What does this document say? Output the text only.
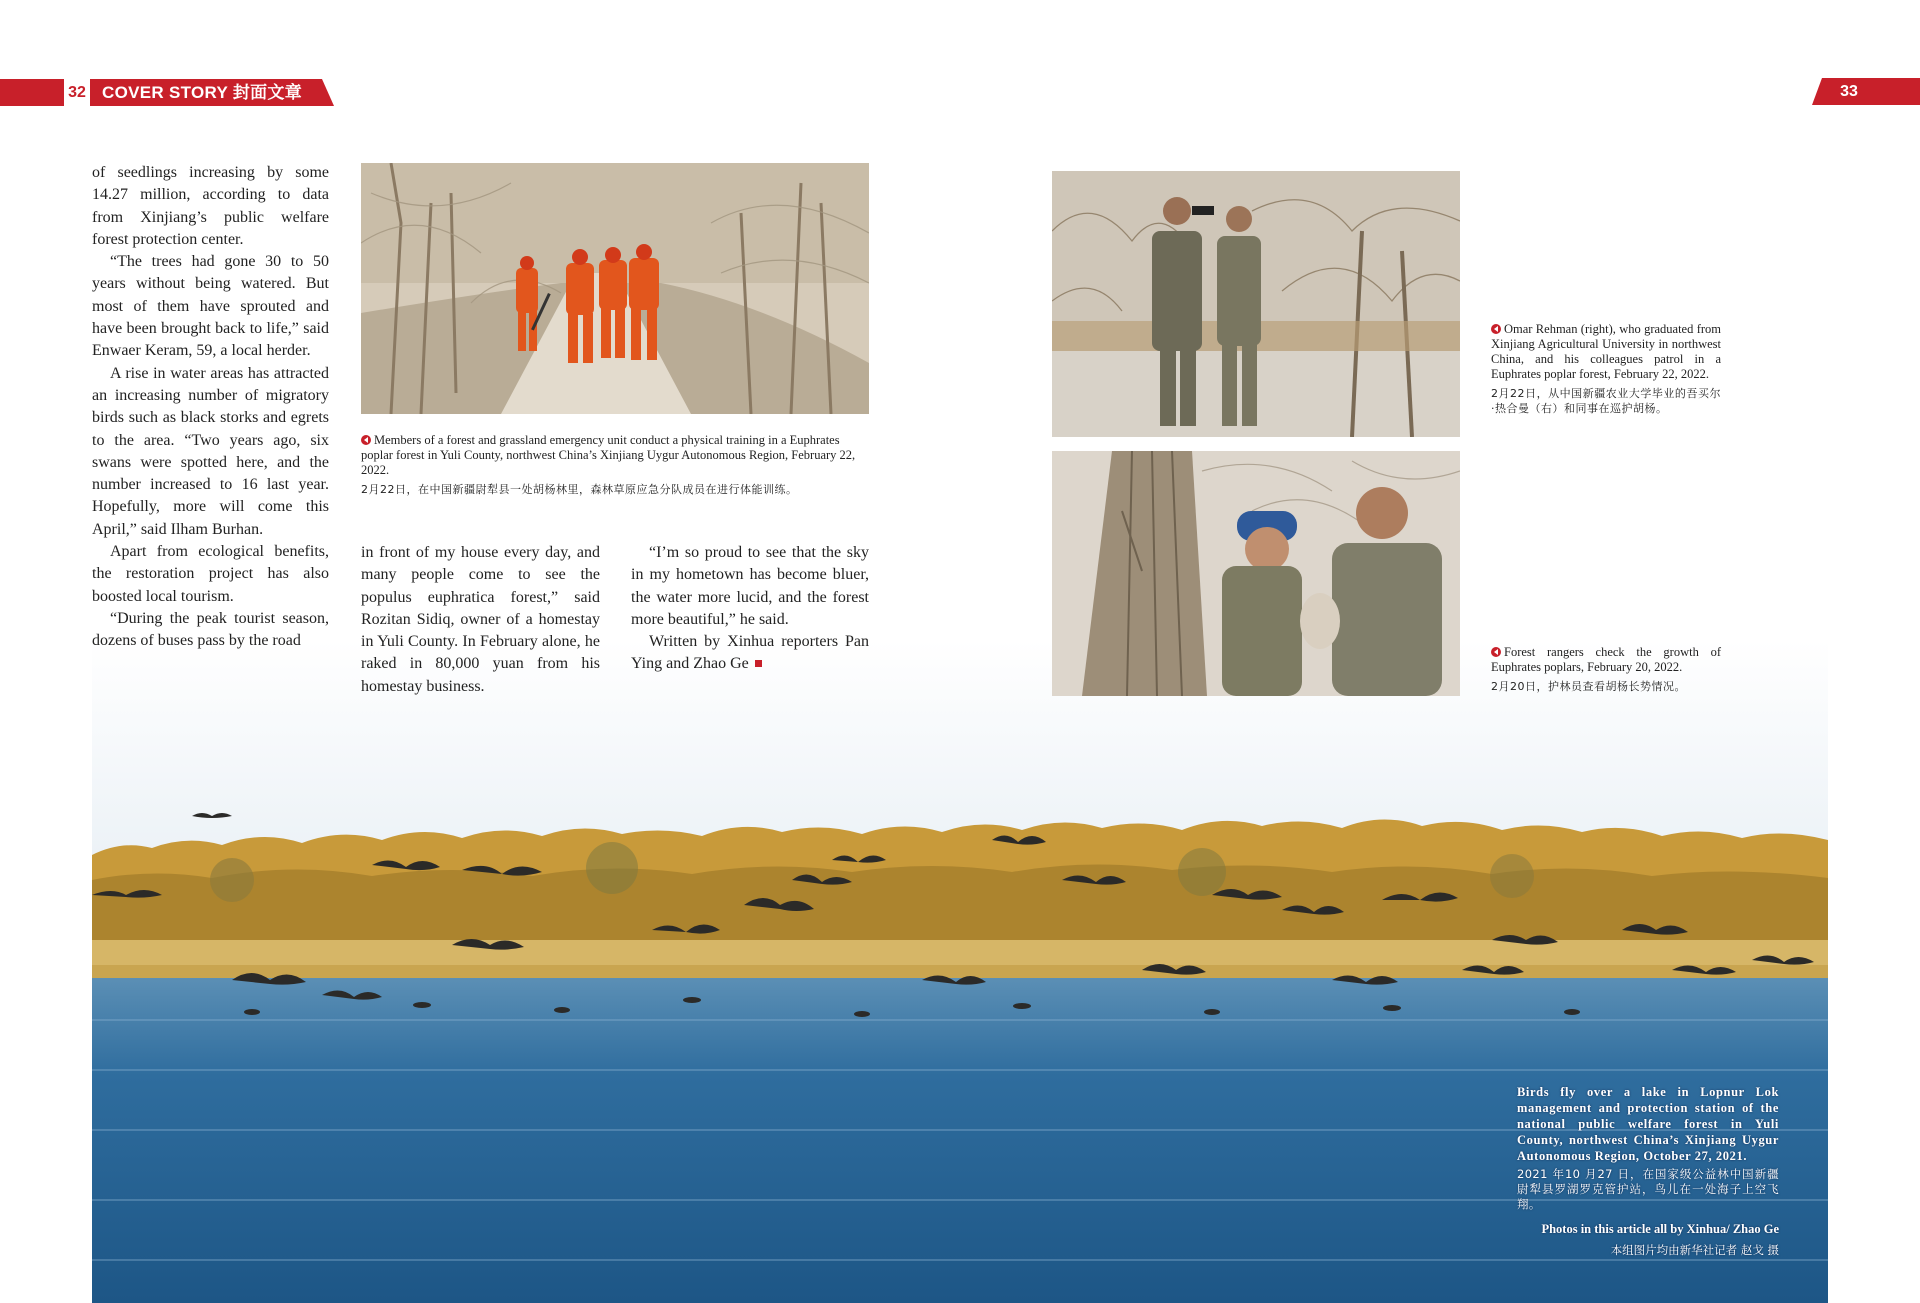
32 COVER STORY 封面文章	33

of seedlings increasing by some 14.27 million, according to data from Xinjiang’s public welfare forest protection center.

“The trees had gone 30 to 50 years without being watered. But most of them have sprouted and have been brought back to life,” said Enwaer Keram, 59, a local herder.

A rise in water areas has attracted an increasing number of migratory birds such as black storks and egrets to the area. “Two years ago, six swans were spotted here, and the number increased to 16 last year. Hopefully, more will come this April,” said Ilham Burhan.

Apart from ecological benefits, the restoration project has also boosted local tourism.

“During the peak tourist season, dozens of buses pass by the road

in front of my house every day, and many people come to see the populus euphratica forest,” said Rozitan Sidiq, owner of a homestay in Yuli County. In February alone, he raked in 80,000 yuan from his homestay business.

“I’m so proud to see that the sky in my hometown has become bluer, the water more lucid, and the forest more beautiful,” he said.

Written by Xinhua reporters Pan Ying and Zhao Ge

Members of a forest and grassland emergency unit conduct a physical training in a Euphrates poplar forest in Yuli County, northwest China’s Xinjiang Uygur Autonomous Region, February 22, 2022.
2月22日，在中国新疆尉犁县一处胡杨林里，森林草原应急分队成员在进行体能训练。
Omar Rehman (right), who graduated from Xinjiang Agricultural University in northwest China, and his colleagues patrol in a Euphrates poplar forest, February 22, 2022.
2月22日，从中国新疆农业大学毕业的吾买尔·热合曼（右）和同事在巡护胡杨。
Forest rangers check the growth of Euphrates poplars, February 20, 2022.
2月20日，护林员查看胡杨长势情况。
Birds fly over a lake in Lopnur Lok management and protection station of the national public welfare forest in Yuli County, northwest China’s Xinjiang Uygur Autonomous Region, October 27, 2021.
2021 年10 月27 日，在国家级公益林中国新疆尉犁县罗湖罗克管护站，鸟儿在一处海子上空飞翔。
Photos in this article all by Xinhua/ Zhao Ge
本组图片均由新华社记者 赵戈 摄
